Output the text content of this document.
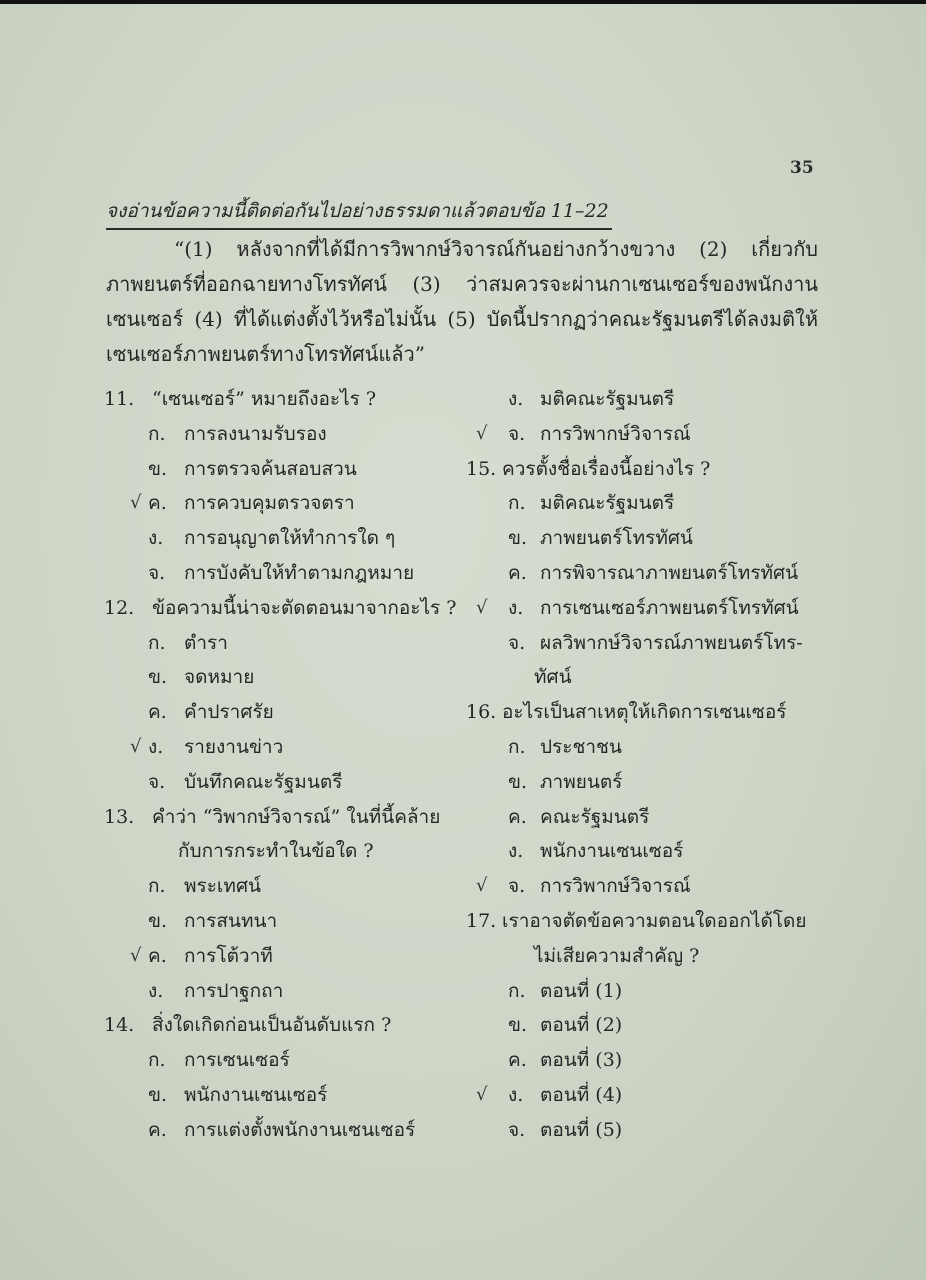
35
จงอ่านข้อความนี้ติดต่อกันไปอย่างธรรมดาแล้วตอบข้อ 11–22
“(1) หลังจากที่ได้มีการวิพากษ์วิจารณ์กันอย่างกว้างขวาง (2) เกี่ยวกับภาพยนตร์ที่ออกฉายทางโทรทัศน์ (3) ว่าสมควรจะผ่านกาเซนเซอร์ของพนักงานเซนเซอร์ (4) ที่ได้แต่งตั้งไว้หรือไม่นั้น (5) บัดนี้ปรากฏว่าคณะรัฐมนตรีได้ลงมติให้เซนเซอร์ภาพยนตร์ทางโทรทัศน์แล้ว”
11. “เซนเซอร์” หมายถึงอะไร ?
ก. การลงนามรับรอง
ข. การตรวจค้นสอบสวน
√ ค. การควบคุมตรวจตรา
ง. การอนุญาตให้ทำการใด ๆ
จ. การบังคับให้ทำตามกฎหมาย
12. ข้อความนี้น่าจะตัดตอนมาจากอะไร ?
ก. ตำรา
ข. จดหมาย
ค. คำปราศรัย
√ ง. รายงานข่าว
จ. บันทึกคณะรัฐมนตรี
13. คำว่า “วิพากษ์วิจารณ์” ในที่นี้คล้าย
กับการกระทำในข้อใด ?
ก. พระเทศน์
ข. การสนทนา
√ ค. การโต้วาที
ง. การปาฐกถา
14. สิ่งใดเกิดก่อนเป็นอันดับแรก ?
ก. การเซนเซอร์
ข. พนักงานเซนเซอร์
ค. การแต่งตั้งพนักงานเซนเซอร์
ง. มติคณะรัฐมนตรี
√ จ. การวิพากษ์วิจารณ์
15. ควรตั้งชื่อเรื่องนี้อย่างไร ?
ก. มติคณะรัฐมนตรี
ข. ภาพยนตร์โทรทัศน์
ค. การพิจารณาภาพยนตร์โทรทัศน์
√ ง. การเซนเซอร์ภาพยนตร์โทรทัศน์
จ. ผลวิพากษ์วิจารณ์ภาพยนตร์โทร-
ทัศน์
16. อะไรเป็นสาเหตุให้เกิดการเซนเซอร์
ก. ประชาชน
ข. ภาพยนตร์
ค. คณะรัฐมนตรี
ง. พนักงานเซนเซอร์
√ จ. การวิพากษ์วิจารณ์
17. เราอาจตัดข้อความตอนใดออกได้โดย
ไม่เสียความสำคัญ ?
ก. ตอนที่ (1)
ข. ตอนที่ (2)
ค. ตอนที่ (3)
√ ง. ตอนที่ (4)
จ. ตอนที่ (5)
